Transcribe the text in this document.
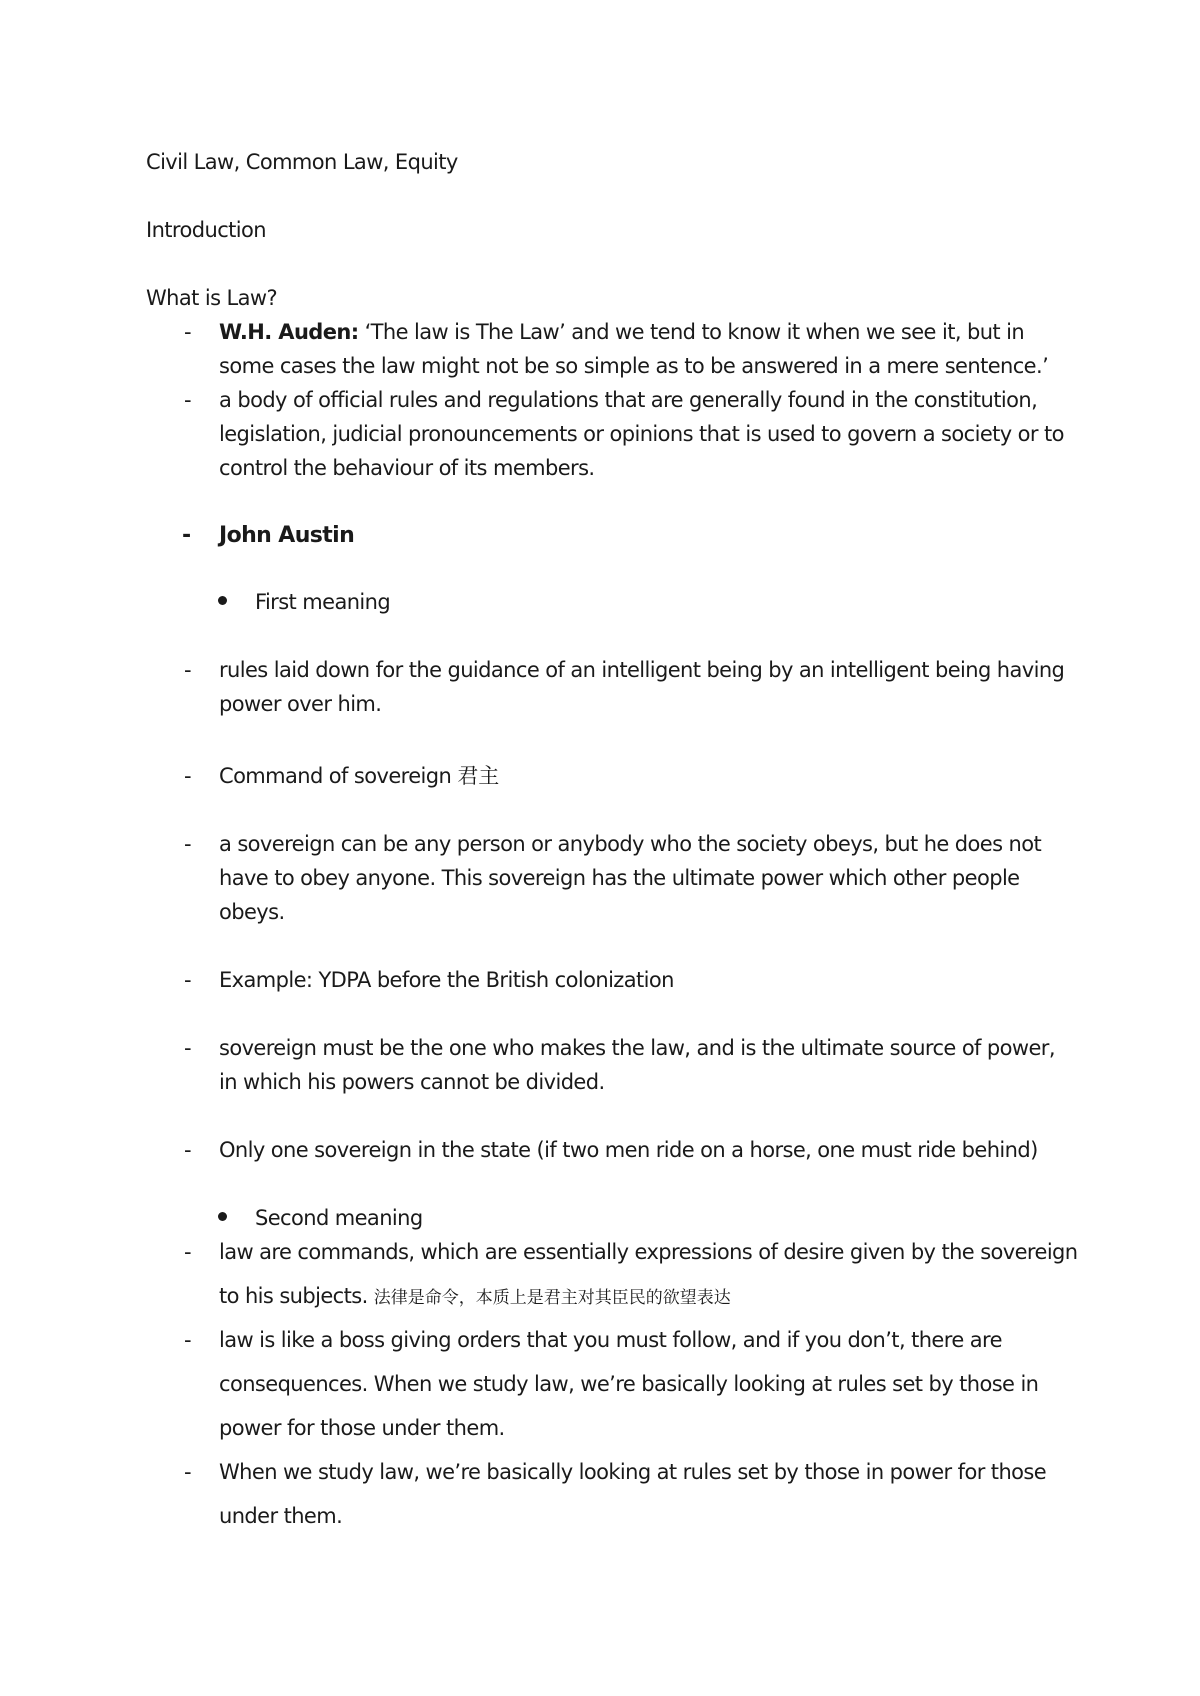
Civil Law, Common Law, Equity
Introduction
What is Law?
- W.H. Auden: ‘The law is The Law’ and we tend to know it when we see it, but in
some cases the law might not be so simple as to be answered in a mere sentence.’
- a body of official rules and regulations that are generally found in the constitution,
legislation, judicial pronouncements or opinions that is used to govern a society or to
control the behaviour of its members.
- John Austin
First meaning
- rules laid down for the guidance of an intelligent being by an intelligent being having
power over him.
- Command of sovereign 君主
- a sovereign can be any person or anybody who the society obeys, but he does not
have to obey anyone. This sovereign has the ultimate power which other people
obeys.
- Example: YDPA before the British colonization
- sovereign must be the one who makes the law, and is the ultimate source of power,
in which his powers cannot be divided.
- Only one sovereign in the state (if two men ride on a horse, one must ride behind)
Second meaning
- law are commands, which are essentially expressions of desire given by the sovereign
to his subjects. 法律是命令，本质上是君主对其臣民的欲望表达
- law is like a boss giving orders that you must follow, and if you don’t, there are
consequences. When we study law, we’re basically looking at rules set by those in
power for those under them.
- When we study law, we’re basically looking at rules set by those in power for those
under them.
